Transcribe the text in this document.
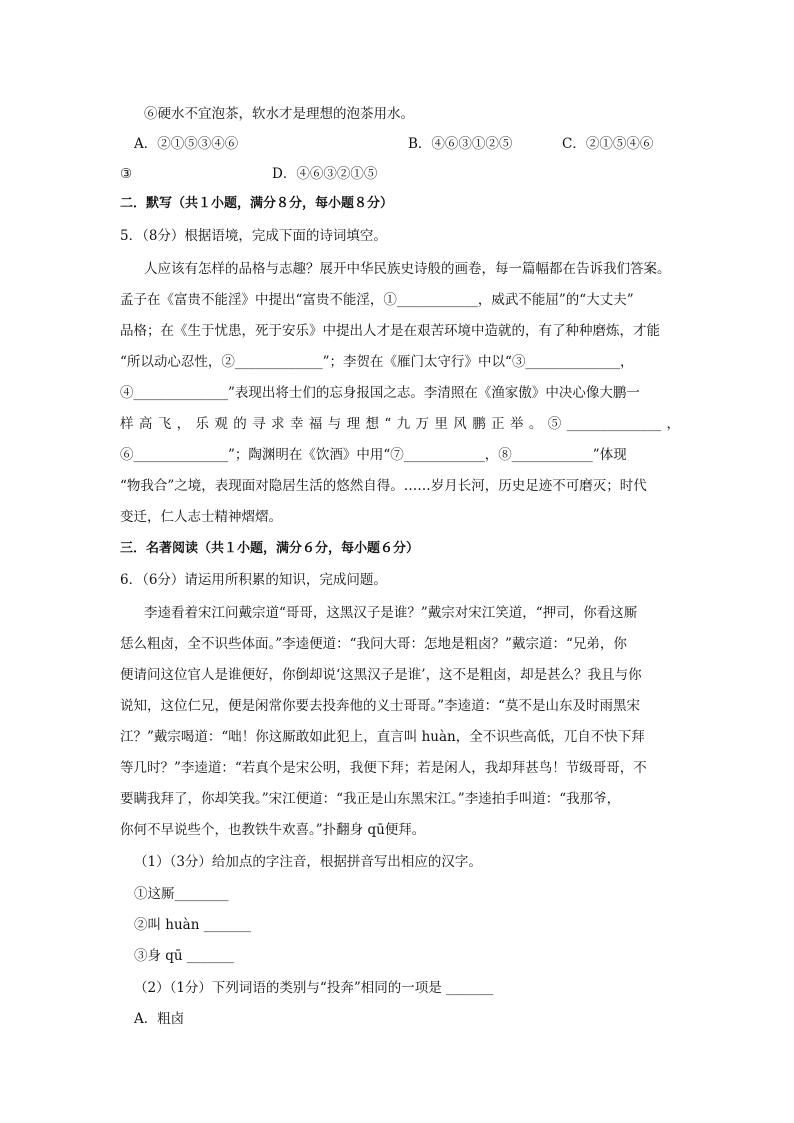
⑥硬水不宜泡茶，软水才是理想的泡茶用水。
A．②①⑤③④⑥	B．④⑥③①②⑤	C．②①⑤④⑥
③	D．④⑥③②①⑤
二．默写（共１小题，满分８分，每小题８分）
5．（8分）根据语境，完成下面的诗词填空。
人应该有怎样的品格与志趣？展开中华民族史诗般的画卷，每一篇幅都在告诉我们答案。
孟子在《富贵不能淫》中提出“富贵不能淫，①____________，威武不能屈”的“大丈夫”
品格；在《生于忧患，死于安乐》中提出人才是在艰苦环境中造就的，有了种种磨炼，才能
“所以动心忍性，②_____________”；李贺在《雁门太守行》中以“③______________，
④______________”表现出将士们的忘身报国之志。李清照在《渔家傲》中决心像大鹏一
样高飞，乐观的寻求幸福与理想“九万里风鹏正举。⑤______________，
⑥______________”；陶渊明在《饮酒》中用“⑦____________，⑧____________”体现
“物我合”之境，表现面对隐居生活的悠然自得。……岁月长河，历史足迹不可磨灭；时代
变迁，仁人志士精神熠熠。
三．名著阅读（共１小题，满分６分，每小题６分）
6．（6分）请运用所积累的知识，完成问题。
李逵看着宋江问戴宗道“哥哥，这黑汉子是谁？”戴宗对宋江笑道，“押司，你看这厮
恁么粗卤，全不识些体面。”李逵便道：“我问大哥：怎地是粗卤？”戴宗道：“兄弟，你
便请问这位官人是谁便好，你倒却说‘这黑汉子是谁’，这不是粗卤，却是甚么？我且与你
说知，这位仁兄，便是闲常你要去投奔他的义士哥哥。”李逵道：“莫不是山东及时雨黑宋
江？”戴宗喝道：“咄！你这厮敢如此犯上，直言叫 huàn，全不识些高低，兀自不快下拜
等几时？”李逵道：“若真个是宋公明，我便下拜；若是闲人，我却拜甚鸟！节级哥哥，不
要瞒我拜了，你却笑我。”宋江便道：“我正是山东黑宋江。”李逵拍手叫道：“我那爷，
你何不早说些个，也教铁牛欢喜。”扑翻身 qū便拜。
（1）（3分）给加点的字注音，根据拼音写出相应的汉字。
①这厮________
②叫 huàn _______
③身 qū _______
（2）（1分）下列词语的类别与“投奔”相同的一项是 _______
A．粗卤
